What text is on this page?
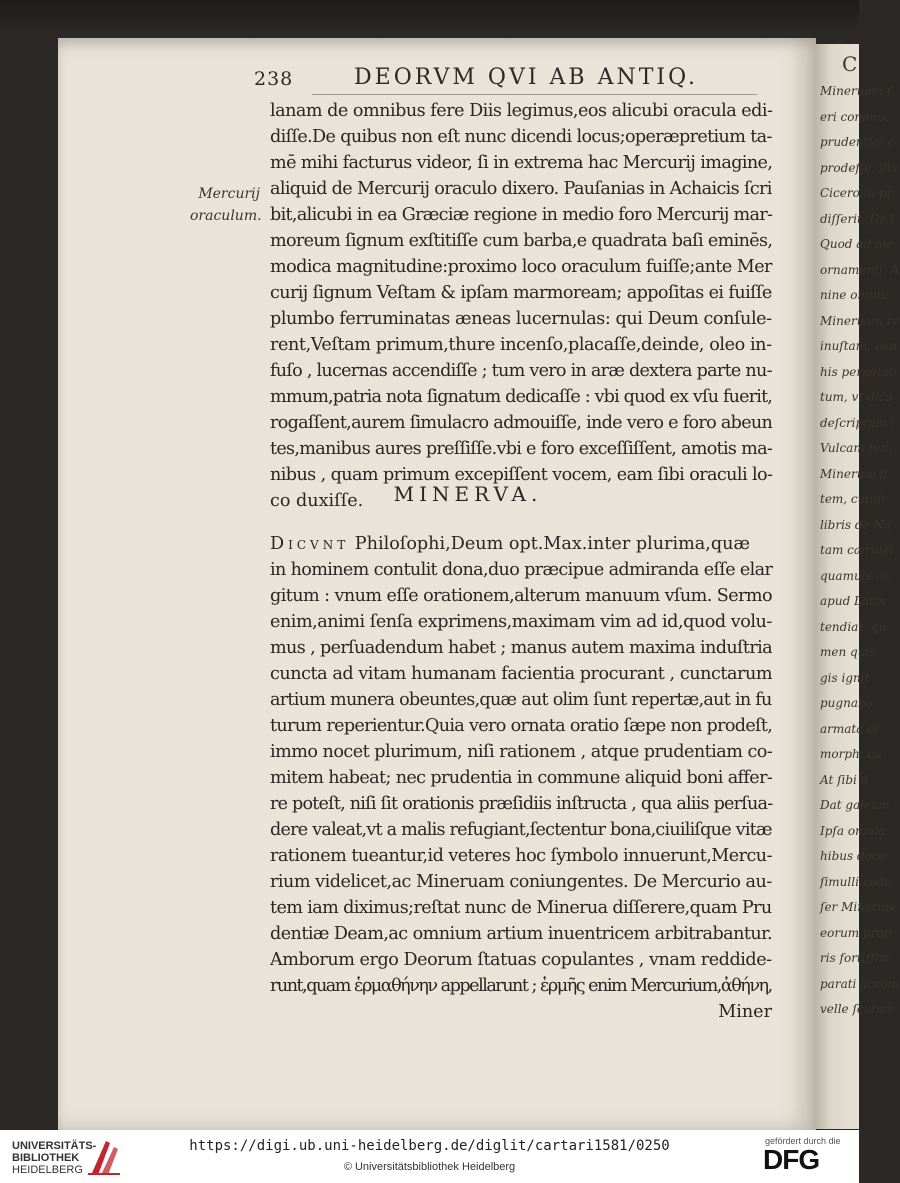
238	DEORVM QVI AB ANTIQ.
Mercurij
oraculum.
lanam de omnibus fere Diis legimus,eos alicubi oracula edi-
diſſe.De quibus non eſt nunc dicendi locus;operæpretium ta-
mē mihi facturus videor, ſi in extrema hac Mercurij imagine,
aliquid de Mercurij oraculo dixero. Pauſanias in Achaicis ſcri
bit,alicubi in ea Græciæ regione in medio foro Mercurij mar-
moreum ſignum exſtitiſſe cum barba,e quadrata baſi eminēs,
modica magnitudine:proximo loco oraculum fuiſſe;ante Mer
curij ſignum Veſtam & ipſam marmoream; appoſitas ei fuiſſe
plumbo ferruminatas æneas lucernulas: qui Deum conſule-
rent,Veſtam primum,thure incenſo,placaſſe,deinde, oleo in-
fuſo , lucernas accendiſſe ; tum vero in aræ dextera parte nu-
mmum,patria nota ſignatum dedicaſſe : vbi quod ex vſu fuerit,
rogaſſent,aurem ſimulacro admouiſſe, inde vero e foro abeun
tes,manibus aures preſſiſſe.vbi e foro exceſſiſſent, amotis ma-
nibus , quam primum excepiſſent vocem, eam ſibi oraculi lo-
co duxiſſe.	MINERVA.
Dicvnt Philoſophi,Deum opt.Max.inter plurima,quæ
in hominem contulit dona,duo præcipue admiranda eſſe elar
gitum : vnum eſſe orationem,alterum manuum vſum. Sermo
enim,animi ſenſa exprimens,maximam vim ad id,quod volu-
mus , perſuadendum habet ; manus autem maxima induſtria
cuncta ad vitam humanam facientia procurant , cunctarum
artium munera obeuntes,quæ aut olim ſunt repertæ,aut in fu
turum reperientur.Quia vero ornata oratio ſæpe non prodeſt,
immo nocet plurimum, niſi rationem , atque prudentiam co-
mitem habeat; nec prudentia in commune aliquid boni affer-
re poteſt, niſi ſit orationis præſidiis inſtructa , qua aliis perſua-
dere valeat,vt a malis refugiant,ſectentur bona,ciuiliſque vitæ
rationem tueantur,id veteres hoc ſymbolo innuerunt,Mercu-
rium videlicet,ac Mineruam coniungentes. De Mercurio au-
tem iam diximus;reſtat nunc de Minerua diſſerere,quam Pru
dentiæ Deam,ac omnium artium inuentricem arbitrabantur.
Amborum ergo Deorum ſtatuas copulantes , vnam reddide-
runt,quam ἑρμαθήνην appellarunt ; ἑρμῆς enim Mercurium,ἀθήνη,
Miner
C
Mineruam f
eri commoc
prudentiæ c
prodeſſe, illa
Cicero in pr
diſſerit. De l
Quod ad me
ornamenti. A
nine omniu
Mineruam re
inuſtam, ean
his perpetuo
tum, vt dica
deſcriptum i
Vulcani tem
Mineruæ fi
tem, cuiuſr
libris de Na
tam cærulei
quamuis ne
apud Latin
tendiat, qu
men quis
gis ignit
pugnabo
armata ei
morph. cu
At ſibi d
Dat galeam
Ipſa omnia
hibus doce
ſimulli code
ſer Mineruæ
eorum prop
ris fortiſſim
parati accom
velle ſcutum
UNIVERSITÄTS-
BIBLIOTHEK
HEIDELBERG
https://digi.ub.uni-heidelberg.de/diglit/cartari1581/0250
© Universitätsbibliothek Heidelberg
gefördert durch die
DFG
